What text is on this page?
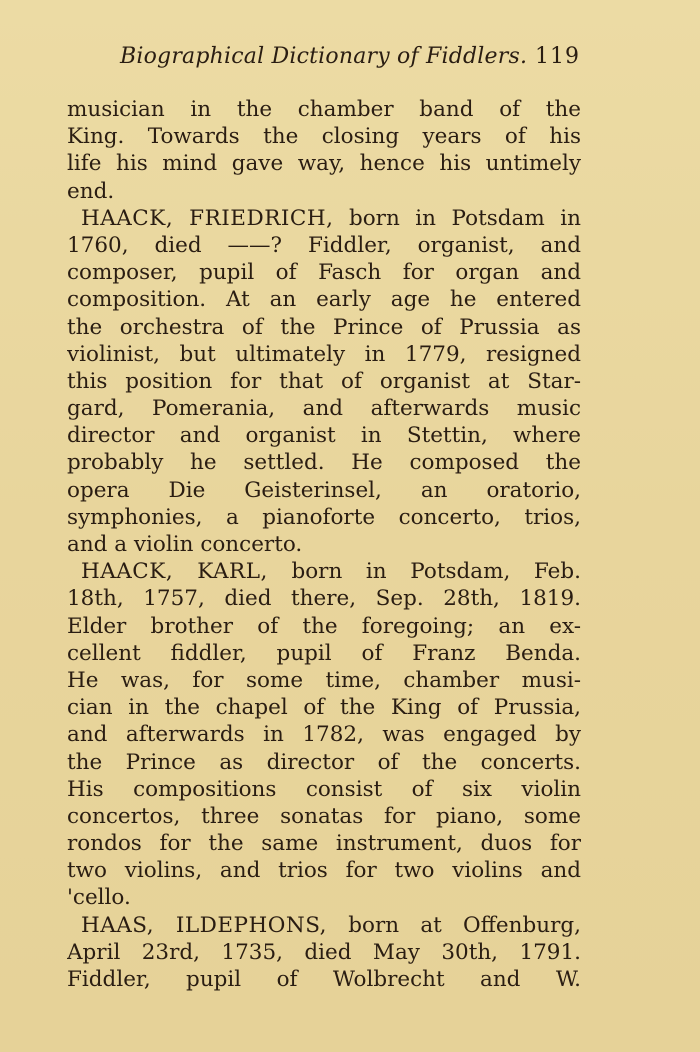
Biographical Dictionary of Fiddlers. 119
musician in the chamber band of the
King. Towards the closing years of his
life his mind gave way, hence his untimely
end.
HAACK, FRIEDRICH, born in Potsdam in
1760, died ——? Fiddler, organist, and
composer, pupil of Fasch for organ and
composition. At an early age he entered
the orchestra of the Prince of Prussia as
violinist, but ultimately in 1779, resigned
this position for that of organist at Star-
gard, Pomerania, and afterwards music
director and organist in Stettin, where
probably he settled. He composed the
opera Die Geisterinsel, an oratorio,
symphonies, a pianoforte concerto, trios,
and a violin concerto.
HAACK, KARL, born in Potsdam, Feb.
18th, 1757, died there, Sep. 28th, 1819.
Elder brother of the foregoing; an ex-
cellent fiddler, pupil of Franz Benda.
He was, for some time, chamber musi-
cian in the chapel of the King of Prussia,
and afterwards in 1782, was engaged by
the Prince as director of the concerts.
His compositions consist of six violin
concertos, three sonatas for piano, some
rondos for the same instrument, duos for
two violins, and trios for two violins and
'cello.
HAAS, ILDEPHONS, born at Offenburg,
April 23rd, 1735, died May 30th, 1791.
Fiddler, pupil of Wolbrecht and W.
